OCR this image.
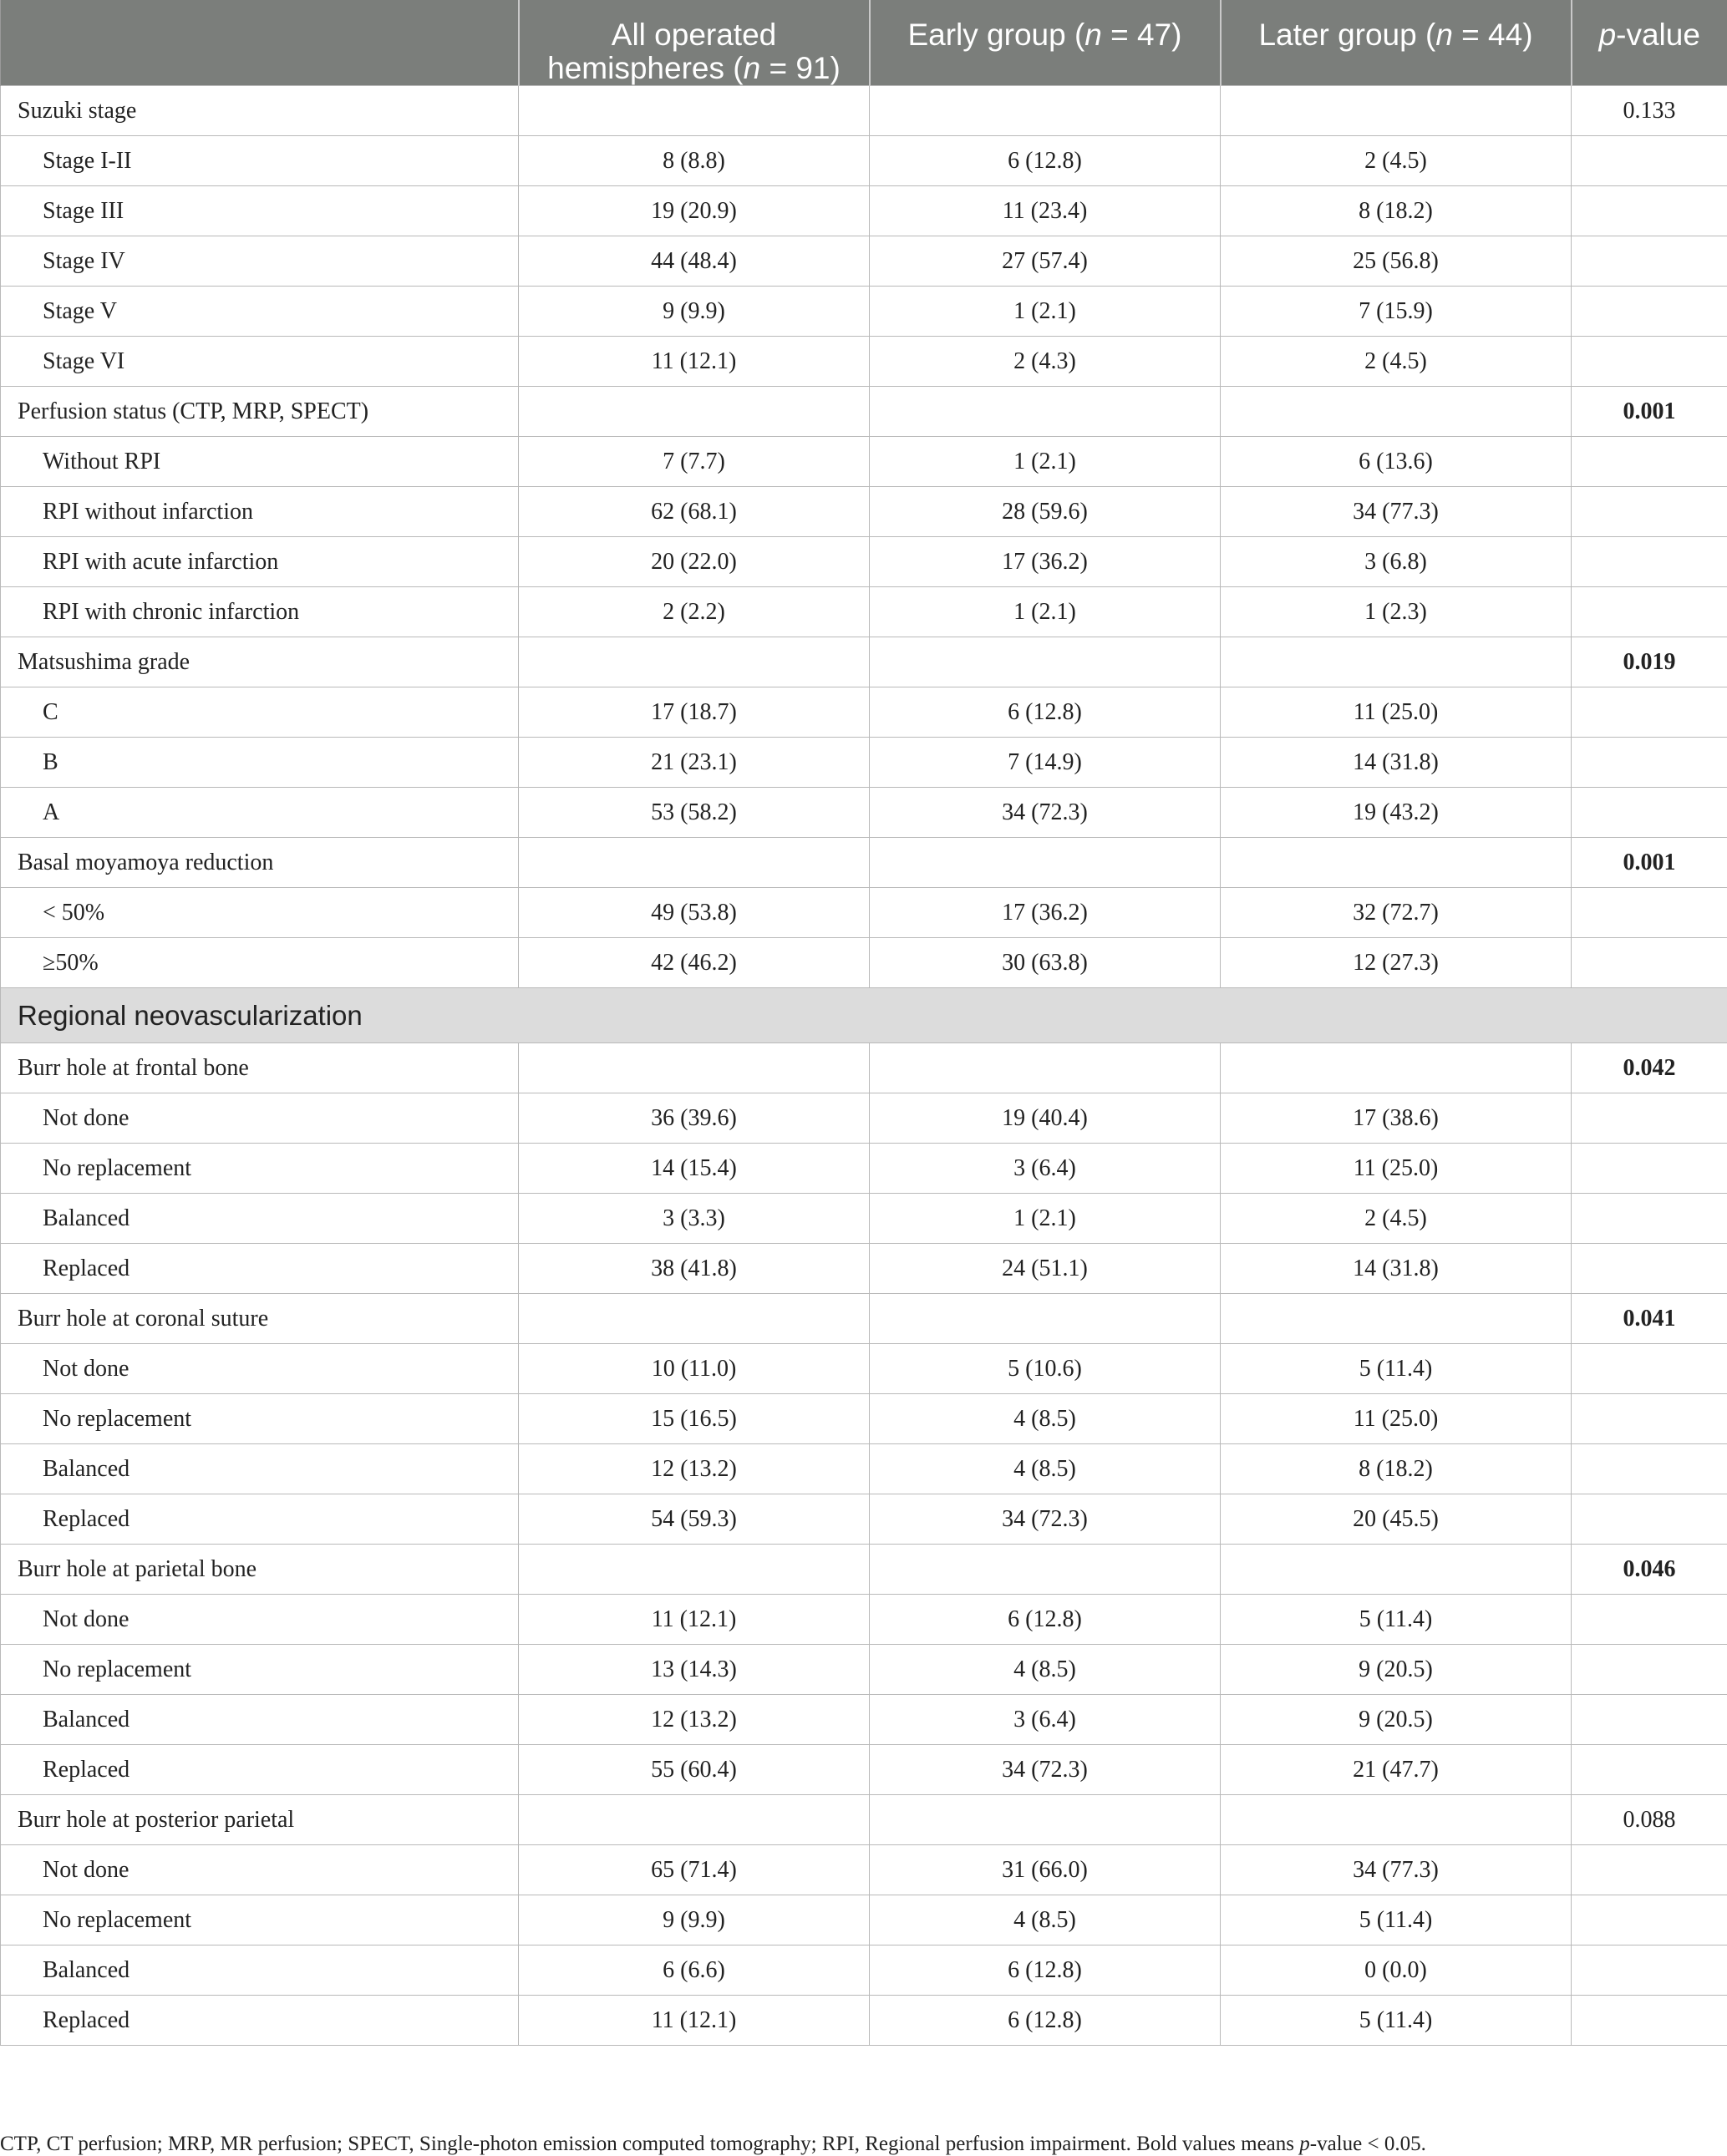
	All operated hemispheres (n = 91)	Early group (n = 47)	Later group (n = 44)	p-value
Suzuki stage				0.133
Stage I-II	8 (8.8)	6 (12.8)	2 (4.5)	
Stage III	19 (20.9)	11 (23.4)	8 (18.2)	
Stage IV	44 (48.4)	27 (57.4)	25 (56.8)	
Stage V	9 (9.9)	1 (2.1)	7 (15.9)	
Stage VI	11 (12.1)	2 (4.3)	2 (4.5)	
Perfusion status (CTP, MRP, SPECT)				0.001
Without RPI	7 (7.7)	1 (2.1)	6 (13.6)	
RPI without infarction	62 (68.1)	28 (59.6)	34 (77.3)	
RPI with acute infarction	20 (22.0)	17 (36.2)	3 (6.8)	
RPI with chronic infarction	2 (2.2)	1 (2.1)	1 (2.3)	
Matsushima grade				0.019
C	17 (18.7)	6 (12.8)	11 (25.0)	
B	21 (23.1)	7 (14.9)	14 (31.8)	
A	53 (58.2)	34 (72.3)	19 (43.2)	
Basal moyamoya reduction				0.001
< 50%	49 (53.8)	17 (36.2)	32 (72.7)	
≥50%	42 (46.2)	30 (63.8)	12 (27.3)	
Regional neovascularization				
Burr hole at frontal bone				0.042
Not done	36 (39.6)	19 (40.4)	17 (38.6)	
No replacement	14 (15.4)	3 (6.4)	11 (25.0)	
Balanced	3 (3.3)	1 (2.1)	2 (4.5)	
Replaced	38 (41.8)	24 (51.1)	14 (31.8)	
Burr hole at coronal suture				0.041
Not done	10 (11.0)	5 (10.6)	5 (11.4)	
No replacement	15 (16.5)	4 (8.5)	11 (25.0)	
Balanced	12 (13.2)	4 (8.5)	8 (18.2)	
Replaced	54 (59.3)	34 (72.3)	20 (45.5)	
Burr hole at parietal bone				0.046
Not done	11 (12.1)	6 (12.8)	5 (11.4)	
No replacement	13 (14.3)	4 (8.5)	9 (20.5)	
Balanced	12 (13.2)	3 (6.4)	9 (20.5)	
Replaced	55 (60.4)	34 (72.3)	21 (47.7)	
Burr hole at posterior parietal				0.088
Not done	65 (71.4)	31 (66.0)	34 (77.3)	
No replacement	9 (9.9)	4 (8.5)	5 (11.4)	
Balanced	6 (6.6)	6 (12.8)	0 (0.0)	
Replaced	11 (12.1)	6 (12.8)	5 (11.4)	
CTP, CT perfusion; MRP, MR perfusion; SPECT, Single-photon emission computed tomography; RPI, Regional perfusion impairment. Bold values means p-value < 0.05.
